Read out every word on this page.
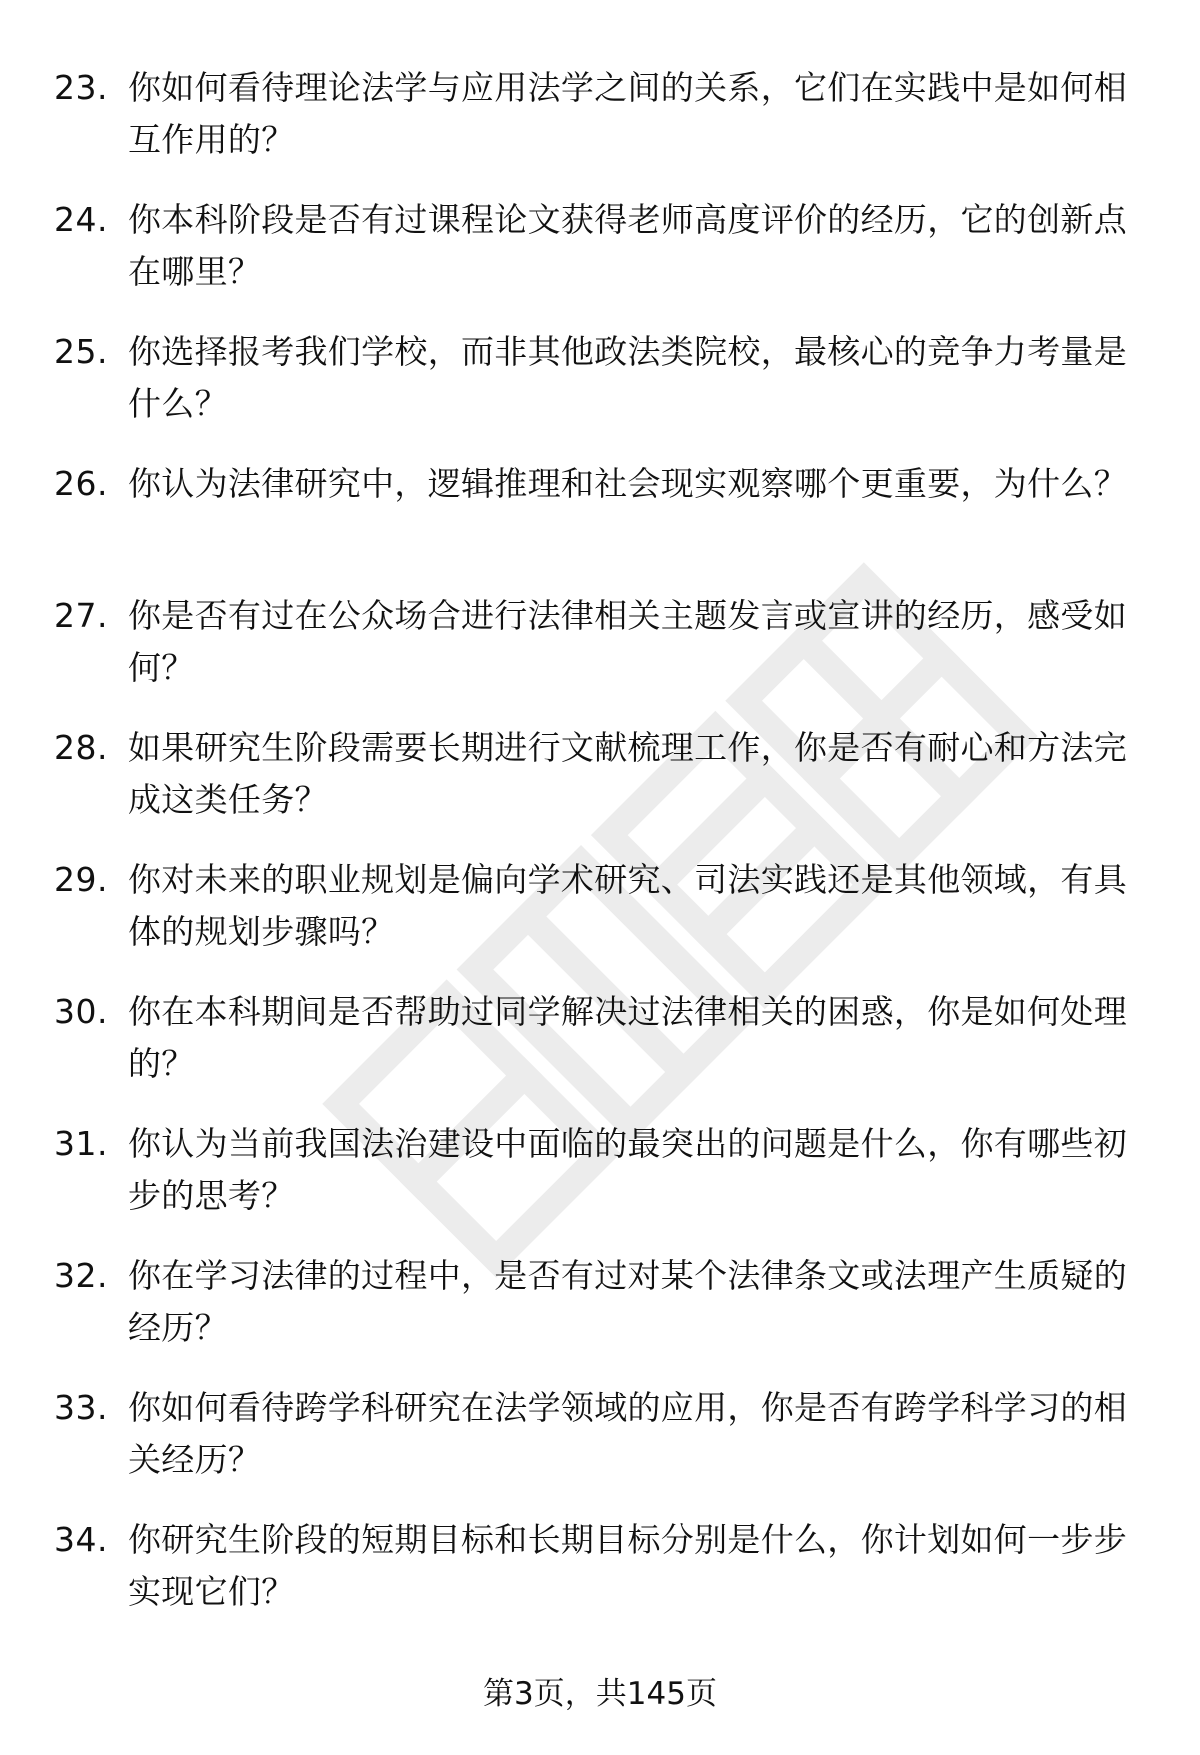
23. 你如何看待理论法学与应用法学之间的关系，它们在实践中是如何相互作用的？
24. 你本科阶段是否有过课程论文获得老师高度评价的经历，它的创新点在哪里？
25. 你选择报考我们学校，而非其他政法类院校，最核心的竞争力考量是什么？
26. 你认为法律研究中，逻辑推理和社会现实观察哪个更重要，为什么？
27. 你是否有过在公众场合进行法律相关主题发言或宣讲的经历，感受如何？
28. 如果研究生阶段需要长期进行文献梳理工作，你是否有耐心和方法完成这类任务？
29. 你对未来的职业规划是偏向学术研究、司法实践还是其他领域，有具体的规划步骤吗？
30. 你在本科期间是否帮助过同学解决过法律相关的困惑，你是如何处理的？
31. 你认为当前我国法治建设中面临的最突出的问题是什么，你有哪些初步的思考？
32. 你在学习法律的过程中，是否有过对某个法律条文或法理产生质疑的经历？
33. 你如何看待跨学科研究在法学领域的应用，你是否有跨学科学习的相关经历？
34. 你研究生阶段的短期目标和长期目标分别是什么，你计划如何一步步实现它们？
第3页，共145页
